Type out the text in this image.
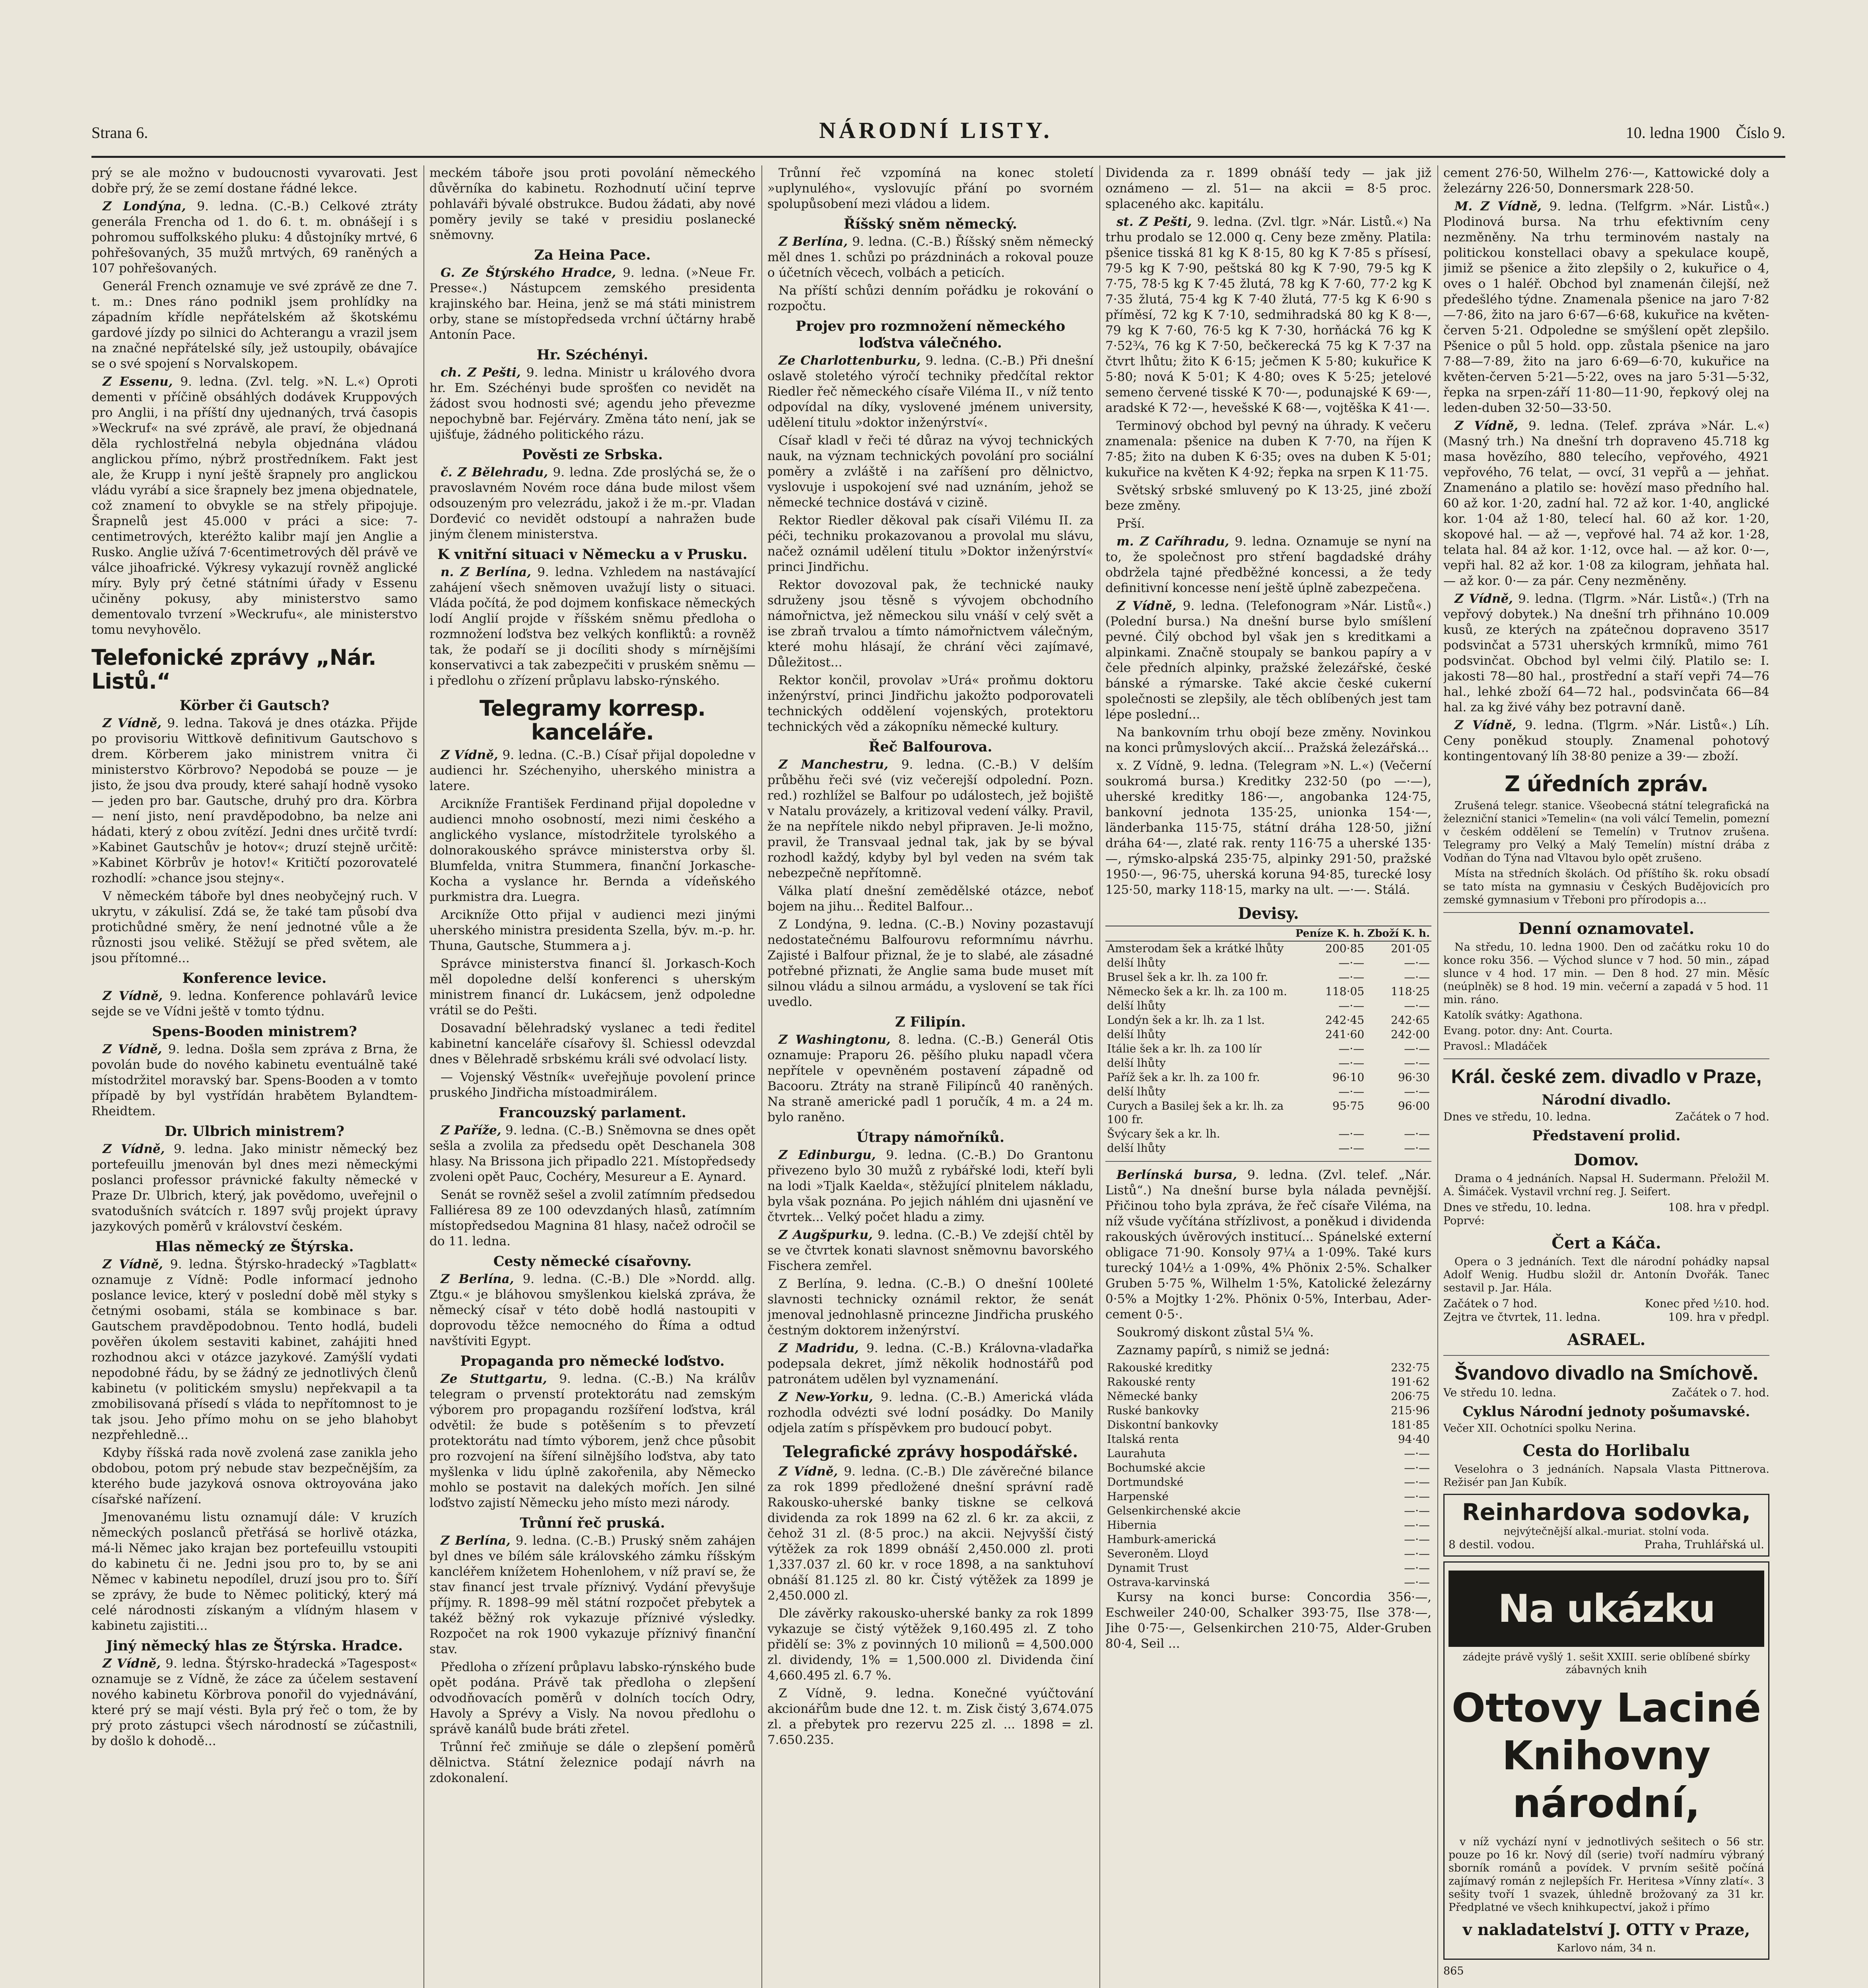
Strana 6.	NÁRODNÍ LISTY.	10. ledna 1900 Číslo 9.

prý se ale možno v budoucnosti vyvarovati. Jest dobře prý, že se zemí dostane řádné lekce.

Z Londýna, 9. ledna. (C.-B.) Celkové ztráty generála Frencha od 1. do 6. t. m. obnášejí i s pohromou suffolkského pluku: 4 důstojníky mrtvé, 6 pohřešovaných, 35 mužů mrtvých, 69 raněných a 107 pohřešovaných.

Generál French oznamuje ve své zprávě ze dne 7. t. m.: Dnes ráno podnikl jsem prohlídky na západním křídle nepřátelském až škotskému gardové jízdy po silnici do Achterangu a vrazil jsem na značné nepřátelské síly, jež ustoupily, obávajíce se o své spojení s Norvalskopem.

Z Essenu, 9. ledna. (Zvl. telg. »N. L.«) Oproti dementi v příčině obsáhlých dodávek Kruppových pro Anglii, i na příští dny ujednaných, trvá časopis »Weckruf« na své zprávě, ale praví, že objednaná děla rychlostřelná nebyla objednána vládou anglickou přímo, nýbrž prostředníkem. Fakt jest ale, že Krupp i nyní ještě šrapnely pro anglickou vládu vyrábí a sice šrapnely bez jmena objednatele, což znamení to obvykle se na střely připojuje. Šrapnelů jest 45.000 v práci a sice: 7-centimetrových, kteréžto kalibr mají jen Anglie a Rusko. Anglie užívá 7·6centimetrových děl právě ve válce jihoafrické. Výkresy vykazují rovněž anglické míry. Byly prý četné státními úřady v Essenu učiněny pokusy, aby ministerstvo samo dementovalo tvrzení »Weckrufu«, ale ministerstvo tomu nevyhovělo.

Telefonické zprávy „Nár. Listů.“
Körber či Gautsch?

Z Vídně, 9. ledna. Taková je dnes otázka. Přijde po provisoriu Wittkově definitivum Gautschovo s drem. Körberem jako ministrem vnitra či ministerstvo Körbrovo? Nepodobá se pouze — je jisto, že jsou dva proudy, které sahají hodně vysoko — jeden pro bar. Gautsche, druhý pro dra. Körbra — není jisto, není pravděpodobno, ba nelze ani hádati, který z obou zvítězí. Jedni dnes určitě tvrdí: »Kabinet Gautschův je hotov«; druzí stejně určitě: »Kabinet Körbrův je hotov!« Kritičtí pozorovatelé rozhodlí: »chance jsou stejny«.

V německém táboře byl dnes neobyčejný ruch. V ukrytu, v zákulisí. Zdá se, že také tam působí dva protichůdné směry, že není jednotné vůle a že různosti jsou veliké. Stěžují se před světem, ale jsou přítomné...

Konference levice.

Z Vídně, 9. ledna. Konference pohlavárů levice sejde se ve Vídni ještě v tomto týdnu.

Spens-Booden ministrem?

Z Vídně, 9. ledna. Došla sem zpráva z Brna, že povolán bude do nového kabinetu eventuálně také místodržitel moravský bar. Spens-Booden a v tomto případě by byl vystřídán hrabětem Bylandtem-Rheidtem.

Dr. Ulbrich ministrem?

Z Vídně, 9. ledna. Jako ministr německý bez portefeuillu jmenován byl dnes mezi německými poslanci professor právnické fakulty německé v Praze Dr. Ulbrich, který, jak povědomo, uveřejnil o svatodušních svátcích r. 1897 svůj projekt úpravy jazykových poměrů v království českém.

Hlas německý ze Štýrska.

Z Vídně, 9. ledna. Štýrsko-hradecký »Tagblatt« oznamuje z Vídně: Podle informací jednoho poslance levice, který v poslední době měl styky s četnými osobami, stála se kombinace s bar. Gautschem pravděpodobnou. Tento hodlá, budeli pověřen úkolem sestaviti kabinet, zahájiti hned rozhodnou akci v otázce jazykové. Zamýšlí vydati nepodobné řádu, by se žádný ze jednotlivých členů kabinetu (v politickém smyslu) nepřekvapil a ta zmobilisovaná přísedí s vláda to nepřítomnost to je tak jsou. Jeho přímo mohu on se jeho blahobyt nezpřehledně...

Kdyby říšská rada nově zvolená zase zanikla jeho obdobou, potom prý nebude stav bezpečnějším, za kterého bude jazyková osnova oktroyována jako císařské nařízení.

Jmenovanému listu oznamují dále: V kruzích německých poslanců přetřásá se horlivě otázka, má-li Němec jako krajan bez portefeuillu vstoupiti do kabinetu či ne. Jedni jsou pro to, by se ani Němec v kabinetu nepodílel, druzí jsou pro to. Šíří se zprávy, že bude to Němec politický, který má celé národnosti získaným a vlídným hlasem v kabinetu zajistiti...

Jiný německý hlas ze Štýrska. Hradce.

Z Vídně, 9. ledna. Štýrsko-hradecká »Tagespost« oznamuje se z Vídně, že záce za účelem sestavení nového kabinetu Körbrova ponořil do vyjednávání, které prý se mají vésti. Byla prý řeč o tom, že by prý proto zástupci všech národností se zúčastnili, by došlo k dohodě...

meckém táboře jsou proti povolání německého důvěrníka do kabinetu. Rozhodnutí učiní teprve pohlaváři bývalé obstrukce. Budou žádati, aby nové poměry jevily se také v presidiu poslanecké sněmovny.

Za Heina Pace.

G. Ze Štýrského Hradce, 9. ledna. (»Neue Fr. Presse«.) Nástupcem zemského presidenta krajinského bar. Heina, jenž se má státi ministrem orby, stane se místopředseda vrchní účtárny hrabě Antonín Pace.

Hr. Széchényi.

ch. Z Pešti, 9. ledna. Ministr u králového dvora hr. Em. Széchényi bude sprošťen co nevidět na žádost svou hodnosti své; agendu jeho převezme nepochybně bar. Fejérváry. Změna táto není, jak se ujišťuje, žádného politického rázu.

Pověsti ze Srbska.

č. Z Bělehradu, 9. ledna. Zde proslýchá se, že o pravoslavném Novém roce dána bude milost všem odsouzeným pro velezrádu, jakož i že m.-pr. Vladan Dorđević co nevidět odstoupí a nahražen bude jiným členem ministerstva.

K vnitřní situaci v Německu a v Prusku.

n. Z Berlína, 9. ledna. Vzhledem na nastávající zahájení všech sněmoven uvažují listy o situaci. Vláda počítá, že pod dojmem konfiskace německých lodí Anglií projde v říšském sněmu předloha o rozmnožení loďstva bez velkých konfliktů: a rovněž tak, že podaří se ji docíliti shody s mírnějšími konservativci a tak zabezpečiti v pruském sněmu — i předlohu o zřízení průplavu labsko-rýnského.

Telegramy korresp. kanceláře.

Z Vídně, 9. ledna. (C.-B.) Císař přijal dopoledne v audienci hr. Széchenyiho, uherského ministra a latere.

Arcikníže František Ferdinand přijal dopoledne v audienci mnoho osobností, mezi nimi českého a anglického vyslance, místodržitele tyrolského a dolnorakouského správce ministerstva orby šl. Blumfelda, vnitra Stummera, finanční Jorkasche-Kocha a vyslance hr. Bernda a vídeňského purkmistra dra. Luegra.

Arcikníže Otto přijal v audienci mezi jinými uherského ministra presidenta Szella, býv. m.-p. hr. Thuna, Gautsche, Stummera a j.

Správce ministerstva financí šl. Jorkasch-Koch měl dopoledne delší konferenci s uherským ministrem financí dr. Lukácsem, jenž odpoledne vrátil se do Pešti.

Dosavadní bělehradský vyslanec a tedi ředitel kabinetní kanceláře císařovy šl. Schiessl odevzdal dnes v Bělehradě srbskému králi své odvolací listy.

— Vojenský Věstník« uveřejňuje povolení prince pruského Jindřicha místoadmirálem.

Francouzský parlament.

Z Paříže, 9. ledna. (C.-B.) Sněmovna se dnes opět sešla a zvolila za předsedu opět Deschanela 308 hlasy. Na Brissona jich připadlo 221. Místopředsedy zvoleni opět Pauc, Cochéry, Mesureur a E. Aynard.

Senát se rovněž sešel a zvolil zatímním předsedou Falliéresa 89 ze 100 odevzdaných hlasů, zatímním místopředsedou Magnina 81 hlasy, načež odročil se do 11. ledna.

Cesty německé císařovny.

Z Berlína, 9. ledna. (C.-B.) Dle »Nordd. allg. Ztgu.« je bláhovou smyšlenkou kielská zpráva, že německý císař v této době hodlá nastoupiti v doprovodu těžce nemocného do Říma a odtud navštíviti Egypt.

Propaganda pro německé loďstvo.

Ze Stuttgartu, 9. ledna. (C.-B.) Na králův telegram o prvenstí protektorátu nad zemským výborem pro propagandu rozšíření loďstva, král odvětil: že bude s potěšením s to převzetí protektorátu nad tímto výborem, jenž chce působit pro rozvojení na šíření silnějšího loďstva, aby tato myšlenka v lidu úplně zakořenila, aby Německo mohlo se postavit na dalekých mořích. Jen silné loďstvo zajistí Německu jeho místo mezi národy.

Trůnní řeč pruská.

Z Berlína, 9. ledna. (C.-B.) Pruský sněm zahájen byl dnes ve bílém sále královského zámku říšským kancléřem knížetem Hohenlohem, v níž praví se, že stav financí jest trvale příznivý. Vydání převyšuje příjmy. R. 1898–99 měl státní rozpočet přebytek a takéž běžný rok vykazuje příznivé výsledky. Rozpočet na rok 1900 vykazuje příznivý finanční stav.

Předloha o zřízení průplavu labsko-rýnského bude opět podána. Právě tak předloha o zlepšení odvodňovacích poměrů v dolních tocích Odry, Havoly a Sprévy a Visly. Na novou předlohu o správě kanálů bude bráti zřetel.

Trůnní řeč zmiňuje se dále o zlepšení poměrů dělnictva. Státní železnice podají návrh na zdokonalení.

Trůnní řeč vzpomíná na konec století »uplynulého«, vyslovujíc přání po svorném spolupůsobení mezi vládou a lidem.

Říšský sněm německý.

Z Berlína, 9. ledna. (C.-B.) Říšský sněm německý měl dnes 1. schůzi po prázdninách a rokoval pouze o účetních věcech, volbách a peticích.

Na příští schůzi denním pořádku je rokování o rozpočtu.

Projev pro rozmnožení německého loďstva válečného.

Ze Charlottenburku, 9. ledna. (C.-B.) Při dnešní oslavě stoletého výročí techniky předčítal rektor Riedler řeč německého císaře Viléma II., v níž tento odpovídal na díky, vyslovené jménem university, udělení titulu »doktor inženýrství«.

Císař kladl v řeči té důraz na vývoj technických nauk, na význam technických povolání pro sociální poměry a zvláště i na zaříšení pro dělnictvo, vyslovuje i uspokojení své nad uznáním, jehož se německé technice dostává v cizině.

Rektor Riedler děkoval pak císaři Vilému II. za péči, techniku prokazovanou a provolal mu slávu, načež oznámil udělení titulu »Doktor inženýrství« princi Jindřichu.

Rektor dovozoval pak, že technické nauky sdruženy jsou těsně s vývojem obchodního námořnictva, jež německou silu vnáší v celý svět a ise zbraň trvalou a tímto námořnictvem válečným, které mohu hlásají, že chrání věci zajímavé, Důležitost...

Rektor končil, provolav »Urá« proňmu doktoru inženýrství, princi Jindřichu jakožto podporovateli technických oddělení vojenských, protektoru technických věd a zákopníku německé kultury.

Řeč Balfourova.

Z Manchestru, 9. ledna. (C.-B.) V delším průběhu řeči své (viz večerejší odpolední. Pozn. red.) rozhlížel se Balfour po událostech, jež bojiště v Natalu provázely, a kritizoval vedení války. Pravil, že na nepřítele nikdo nebyl připraven. Je-li možno, pravil, že Transvaal jednal tak, jak by se býval rozhodl každý, kdyby byl byl veden na svém tak nebezpečně nepřítomně.

Válka platí dnešní zemědělské otázce, neboť bojem na jihu... Ředitel Balfour...

Z Londýna, 9. ledna. (C.-B.) Noviny pozastavují nedostatečnému Balfourovu reformnímu návrhu. Zajisté i Balfour přiznal, že je to slabé, ale zásadné potřebné přiznati, že Anglie sama bude muset mít silnou vládu a silnou armádu, a vyslovení se tak říci uvedlo.

Z Filipín.

Z Washingtonu, 8. ledna. (C.-B.) Generál Otis oznamuje: Praporu 26. pěšího pluku napadl včera nepřítele v opevněném postavení západně od Bacooru. Ztráty na straně Filipínců 40 raněných. Na straně americké padl 1 poručík, 4 m. a 24 m. bylo raněno.

Útrapy námořníků.

Z Edinburgu, 9. ledna. (C.-B.) Do Grantonu přivezeno bylo 30 mužů z rybářské lodi, kteří byli na lodi »Tjalk Kaelda«, stěžující plnitelem nákladu, byla však poznána. Po jejich náhlém dni ujasnění ve čtvrtek... Velký počet hladu a zimy.

Z Augšpurku, 9. ledna. (C.-B.) Ve zdejší chtěl by se ve čtvrtek konati slavnost sněmovnu bavorského Fischera zemřel.

Z Berlína, 9. ledna. (C.-B.) O dnešní 100leté slavnosti technicky oznámil rektor, že senát jmenoval jednohlasně princezne Jindřicha pruského čestným doktorem inženýrství.

Z Madridu, 9. ledna. (C.-B.) Královna-vladařka podepsala dekret, jímž několik hodnostářů pod patronátem udělen byl vyznamenání.

Z New-Yorku, 9. ledna. (C.-B.) Americká vláda rozhodla odvézti své lodní posádky. Do Manily odjela zatím s příspěvkem pro budoucí pobyt.

Telegrafické zprávy hospodářské.

Z Vídně, 9. ledna. (C.-B.) Dle závěrečné bilance za rok 1899 předložené dnešní správní radě Rakousko-uherské banky tiskne se celková dividenda za rok 1899 na 62 zl. 6 kr. za akcii, z čehož 31 zl. (8·5 proc.) na akcii. Nejvyšší čistý výtěžek za rok 1899 obnáší 2,450.000 zl. proti 1,337.037 zl. 60 kr. v roce 1898, a na sanktuhoví obnáší 81.125 zl. 80 kr. Čistý výtěžek za 1899 je 2,450.000 zl.

Dle závěrky rakousko-uherské banky za rok 1899 vykazuje se čistý výtěžek 9,160.495 zl. Z toho přidělí se: 3% z povinných 10 milionů = 4,500.000 zl. dividendy, 1% = 1,500.000 zl. Dividenda činí 4,660.495 zl. 6.7 %.

Z Vídně, 9. ledna. Konečné vyúčtování akcionářům bude dne 12. t. m. Zisk čistý 3,674.075 zl. a přebytek pro rezervu 225 zl. ... 1898 = zl. 7.650.235.

Dividenda za r. 1899 obnáší tedy — jak již oznámeno — zl. 51— na akcii = 8·5 proc. splaceného akc. kapitálu.

st. Z Pešti, 9. ledna. (Zvl. tlgr. »Nár. Listů.«) Na trhu prodalo se 12.000 q. Ceny beze změny. Platila: pšenice tisská 81 kg K 8·15, 80 kg K 7·85 s přísesí, 79·5 kg K 7·90, peštská 80 kg K 7·90, 79·5 kg K 7·75, 78·5 kg K 7·45 žlutá, 78 kg K 7·60, 77·2 kg K 7·35 žlutá, 75·4 kg K 7·40 žlutá, 77·5 kg K 6·90 s příměsí, 72 kg K 7·10, sedmihradská 80 kg K 8·—, 79 kg K 7·60, 76·5 kg K 7·30, horňácká 76 kg K 7·52¾, 76 kg K 7·50, bečkerecká 75 kg K 7·37 na čtvrt lhůtu; žito K 6·15; ječmen K 5·80; kukuřice K 5·80; nová K 5·01; K 4·80; oves K 5·25; jetelové semeno červené tisské K 70·—, podunajské K 69·—, aradské K 72·—, hevešské K 68·—, vojtěška K 41·—.

Terminový obchod byl pevný na úhrady. K večeru znamenala: pšenice na duben K 7·70, na říjen K 7·85; žito na duben K 6·35; oves na duben K 5·01; kukuřice na květen K 4·92; řepka na srpen K 11·75.

Světský srbské smluvený po K 13·25, jiné zboží beze změny.

Prší.

m. Z Caříhradu, 9. ledna. Oznamuje se nyní na to, že společnost pro stření bagdadské dráhy obdržela tajné předběžné koncessi, a že tedy definitivní koncesse není ještě úplně zabezpečena.

Z Vídně, 9. ledna. (Telefonogram »Nár. Listů«.) (Polední bursa.) Na dnešní burse bylo smíšlení pevné. Čilý obchod byl však jen s kreditkami a alpinkami. Značně stoupaly se bankou papíry a v čele předních alpinky, pražské železářské, české bánské a rýmarske. Také akcie české cukerní společnosti se zlepšily, ale těch oblíbených jest tam lépe poslední...

Na bankovním trhu obojí beze změny. Novinkou na konci průmyslových akcií... Pražská železářská...

x. Z Vídně, 9. ledna. (Telegram »N. L.«) (Večerní soukromá bursa.) Kreditky 232·50 (po —·—), uherské kreditky 186·—, angobanka 124·75, bankovní jednota 135·25, unionka 154·—, länderbanka 115·75, státní dráha 128·50, jižní dráha 64·—, zlaté rak. renty 116·75 a uherské 135·—, rýmsko-alpská 235·75, alpinky 291·50, pražské 1950·—, 96·75, uherská koruna 94·85, turecké losy 125·50, marky 118·15, marky na ult. —·—. Stálá.

Devisy.
	Peníze K. h.	Zboží K. h.
Amsterodam šek a krátké lhůty	200·85	201·05
delší lhůty	—·—	—·—
Brusel šek a kr. lh. za 100 fr.	—·—	—·—
Německo šek a kr. lh. za 100 m.	118·05	118·25
delší lhůty	—·—	—·—
Londýn šek a kr. lh. za 1 lst.	242·45	242·65
delší lhůty	241·60	242·00
Itálie šek a kr. lh. za 100 lír	—·—	—·—
delší lhůty	—·—	—·—
Paříž šek a kr. lh. za 100 fr.	96·10	96·30
delší lhůty	—·—	—·—
Curych a Basilej šek a kr. lh. za 100 fr.	95·75	96·00
Švýcary šek a kr. lh.	—·—	—·—
delší lhůty	—·—	—·—

Berlínská bursa, 9. ledna. (Zvl. telef. „Nár. Listů“.) Na dnešní burse byla nálada pevnější. Přičinou toho byla zpráva, že řeč císaře Viléma, na níž všude vyčítána střízlivost, a poněkud i dividenda rakouských úvěrových institucí... Spánelské externí obligace 71·90. Konsoly 97¼ a 1·09%. Také kurs turecký 104½ a 1·09%, 4% Phönix 2·5%. Schalker Gruben 5·75 %, Wilhelm 1·5%, Katolické železárny 0·5% a Mojtky 1·2%. Phönix 0·5%, Interbau, Ader-cement 0·5·.

Soukromý diskont zůstal 5¼ %.

Zaznamy papírů, s nimiž se jedná:

Rakouské kreditky	232·75
Rakouské renty	191·62
Německé banky	206·75
Ruské bankovky	215·96
Diskontní bankovky	181·85
Italská renta	94·40
Laurahuta	—·—
Bochumské akcie	—·—
Dortmundské	—·—
Harpenské	—·—
Gelsenkirchenské akcie	—·—
Hibernia	—·—
Hamburk-americká	—·—
Severoněm. Lloyd	—·—
Dynamit Trust	—·—
Ostrava-karvinská	—·—

Kursy na konci burse: Concordia 356·—, Eschweiler 240·00, Schalker 393·75, Ilse 378·—, Jihe 0·75·—, Gelsenkirchen 210·75, Alder-Gruben 80·4, Seil ...

cement 276·50, Wilhelm 276·—, Kattowické doly a železárny 226·50, Donnersmark 228·50.

M. Z Vídně, 9. ledna. (Telfgrm. »Nár. Listů«.) Plodinová bursa. Na trhu efektivním ceny nezměněny. Na trhu terminovém nastaly na politickou konstellaci obavy a spekulace koupě, jimiž se pšenice a žito zlepšily o 2, kukuřice o 4, oves o 1 haléř. Obchod byl znamenán čilejší, než předešlého týdne. Znamenala pšenice na jaro 7·82—7·86, žito na jaro 6·67—6·68, kukuřice na květen-červen 5·21. Odpoledne se smýšlení opět zlepšilo. Pšenice o půl 5 hold. opp. zůstala pšenice na jaro 7·88—7·89, žito na jaro 6·69—6·70, kukuřice na květen-červen 5·21—5·22, oves na jaro 5·31—5·32, řepka na srpen-září 11·80—11·90, řepkový olej na leden-duben 32·50—33·50.

Z Vídně, 9. ledna. (Telef. zpráva »Nár. L.«) (Masný trh.) Na dnešní trh dopraveno 45.718 kg masa hovězího, 880 telecího, vepřového, 4921 vepřového, 76 telat, — ovcí, 31 vepřů a — jehňat. Znamenáno a platilo se: hovězí maso předního hal. 60 až kor. 1·20, zadní hal. 72 až kor. 1·40, anglické kor. 1·04 až 1·80, telecí hal. 60 až kor. 1·20, skopové hal. — až —, vepřové hal. 74 až kor. 1·28, telata hal. 84 až kor. 1·12, ovce hal. — až kor. 0·—, vepři hal. 82 až kor. 1·08 za kilogram, jehňata hal. — až kor. 0·— za pár. Ceny nezměněny.

Z Vídně, 9. ledna. (Tlgrm. »Nár. Listů«.) (Trh na vepřový dobytek.) Na dnešní trh přihnáno 10.009 kusů, ze kterých na zpátečnou dopraveno 3517 podsvinčat a 5731 uherských krmníků, mimo 761 podsvinčat. Obchod byl velmi čilý. Platilo se: I. jakosti 78—80 hal., prostřední a staří vepři 74—76 hal., lehké zboží 64—72 hal., podsvinčata 66—84 hal. za kg živé váhy bez potravní daně.

Z Vídně, 9. ledna. (Tlgrm. »Nár. Listů«.) Líh. Ceny poněkud stouply. Znamenal pohotový kontingentovaný líh 38·80 penize a 39·— zboží.

Z úředních zpráv.

Zrušená telegr. stanice. Všeobecná státní telegrafická na železniční stanici »Temelin« (na voli válcí Temelin, pomezní v českém oddělení se Temelín) v Trutnov zrušena. Telegramy pro Velký a Malý Temelín) místní drába z Vodňan do Týna nad Vltavou bylo opět zrušeno.

Místa na středních školách. Od příštího šk. roku obsadí se tato místa na gymnasiu v Českých Budějovicích pro zemské gymnasium v Třeboni pro přírodopis a...

Denní oznamovatel.

Na středu, 10. ledna 1900. Den od začátku roku 10 do konce roku 356. — Východ slunce v 7 hod. 50 min., západ slunce v 4 hod. 17 min. — Den 8 hod. 27 min. Měsíc (neúplněk) se 8 hod. 19 min. večerní a zapadá v 5 hod. 11 min. ráno.

Katolík svátky: Agathona.

Evang. potor. dny: Ant. Courta.

Pravosl.: Mladáček

Král. české zem. divadlo v Praze,
Národní divadlo.
Dnes ve středu, 10. ledna.	Začátek o 7 hod.
Představení prolid.
Domov.

Drama o 4 jednáních. Napsal H. Sudermann. Přeložil M. A. Šimáček. Vystavil vrchní reg. J. Seifert.

Dnes ve středu, 10. ledna.	108. hra v předpl.

Poprvé:

Čert a Káča.

Opera o 3 jednáních. Text dle národní pohádky napsal Adolf Wenig. Hudbu složil dr. Antonín Dvořák. Tanec sestavil p. Jar. Hála.

Začátek o 7 hod.	Konec před ½10. hod.
Zejtra ve čtvrtek, 11. ledna.	109. hra v předpl.
ASRAEL.
Švandovo divadlo na Smíchově.
Ve středu 10. ledna.	Začátek o 7. hod.
Cyklus Národní jednoty pošumavské.

Večer XII. Ochotníci spolku Nerina.

Cesta do Horlibalu

Veselohra o 3 jednáních. Napsala Vlasta Pittnerova. Režisér pan Jan Kubík.

Reinhardova sodovka,
nejvýtečnější alkal.-muriat. stolní voda.
8 destil. vodou.	Praha, Truhlářská ul.
Na ukázku
zádejte právě vyšlý 1. sešit XXIII. serie oblíbené sbírky zábavných knih
Ottovy Laciné Knihovny národní,

v níž vychází nyní v jednotlivých sešitech o 56 str. pouze po 16 kr. Nový díl (serie) tvoří nadmíru výbraný sborník románů a povídek. V prvním sešitě počíná zajímavý román z nejlepších Fr. Heritesa »Vínny zlatí«. 3 sešity tvoří 1 svazek, úhledně brožovaný za 31 kr. Předplatné ve všech knihkupectví, jakož i přímo

v nakladatelství J. OTTY v Praze,
Karlovo nám, 34 n.
865
